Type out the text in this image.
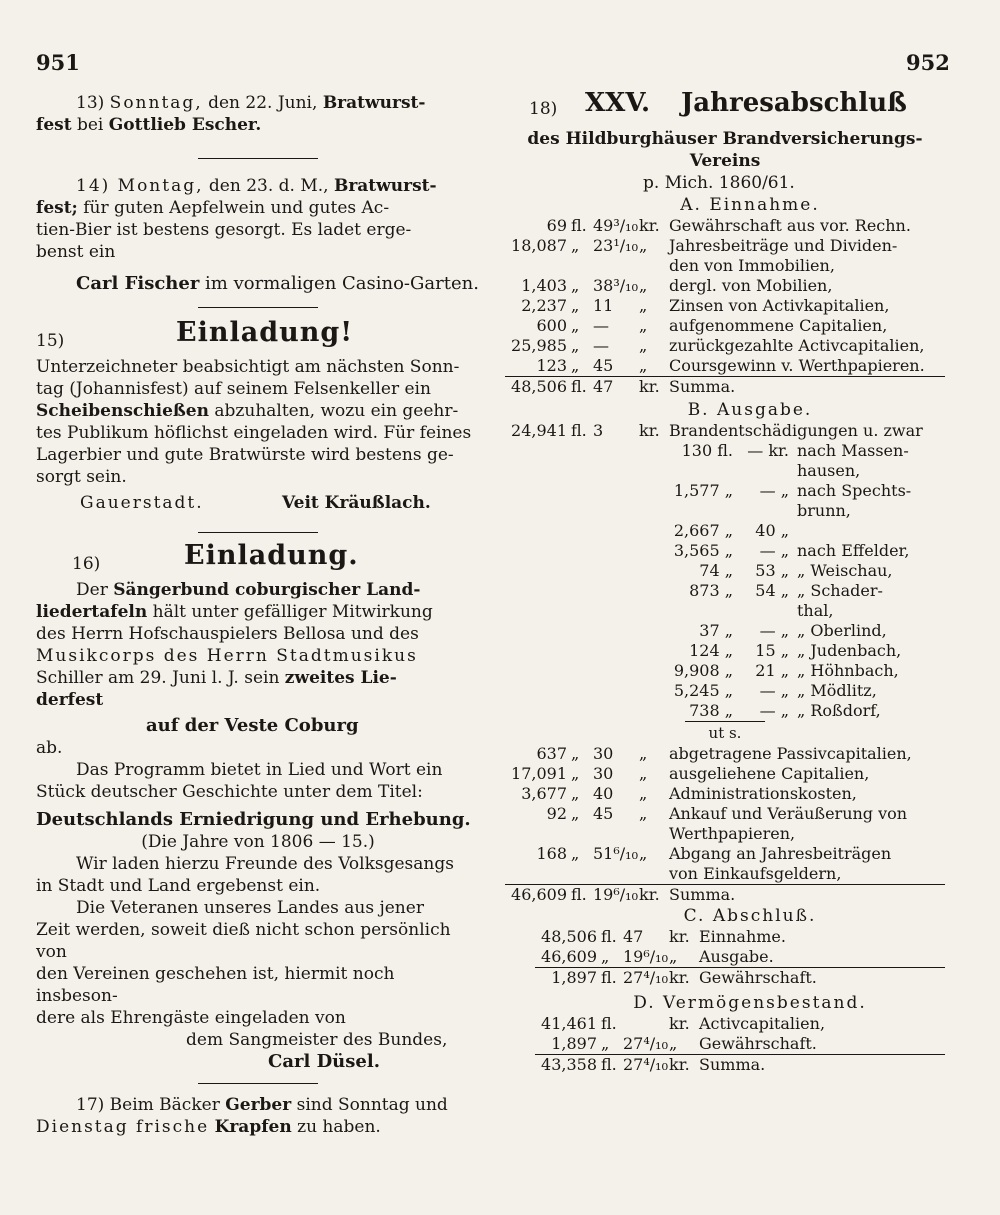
951	952

13) Sonntag, den 22. Juni, Bratwurst-

fest bei Gottlieb Escher.

14) Montag, den 23. d. M., Bratwurst-

fest; für guten Aepfelwein und gutes Ac-

tien-Bier ist bestens gesorgt. Es ladet erge-

benst ein

Carl Fischer im vormaligen Casino-Garten.

15)	Einladung!

Unterzeichneter beabsichtigt am nächsten Sonn-

tag (Johannisfest) auf seinem Felsenkeller ein

Scheibenschießen abzuhalten, wozu ein geehr-

tes Publikum höflichst eingeladen wird. Für feines

Lagerbier und gute Bratwürste wird bestens ge-

sorgt sein.

Gauerstadt.	Veit Kräußlach.

16)	Einladung.

Der Sängerbund coburgischer Land-

liedertafeln hält unter gefälliger Mitwirkung

des Herrn Hofschauspielers Bellosa und des

Musikcorps des Herrn Stadtmusikus

Schiller am 29. Juni l. J. sein zweites Lie-

derfest

auf der Veste Coburg

ab.

Das Programm bietet in Lied und Wort ein

Stück deutscher Geschichte unter dem Titel:

Deutschlands Erniedrigung und Erhebung.

(Die Jahre von 1806 — 15.)

Wir laden hierzu Freunde des Volksgesangs

in Stadt und Land ergebenst ein.

Die Veteranen unseres Landes aus jener

Zeit werden, soweit dieß nicht schon persönlich von

den Vereinen geschehen ist, hiermit noch insbeson-

dere als Ehrengäste eingeladen von

dem Sangmeister des Bundes,

Carl Düsel.

17) Beim Bäcker Gerber sind Sonntag und

Dienstag frische Krapfen zu haben.

18) XXV. Jahresabschluß

des Hildburghäuser Brandversicherungs-Vereins

p. Mich. 1860/61.

A. Einnahme.

69	fl.	49³/₁₀	kr.	Gewährschaft aus vor. Rechn.
18,087	„	23¹/₁₀	„	Jahresbeiträge und Dividen-
				den von Immobilien,
1,403	„	38³/₁₀	„	dergl. von Mobilien,
2,237	„	11	„	Zinsen von Activkapitalien,
600	„	—	„	aufgenommene Capitalien,
25,985	„	—	„	zurückgezahlte Activcapitalien,
123	„	45	„	Coursgewinn v. Werthpapieren.
48,506	fl.	47	kr.	Summa.

B. Ausgabe.

24,941	fl.	3	kr.	Brandentschädigungen u. zwar
130 fl.	— kr.	nach Massen-
		hausen,
1,577 „	— „	nach Spechts-
		brunn,
2,667 „	40 „	
3,565 „	— „	nach Effelder,
74 „	53 „	„ Weischau,
873 „	54 „	„ Schader-
		thal,
37 „	— „	„ Oberlind,
124 „	15 „	„ Judenbach,
9,908 „	21 „	„ Höhnbach,
5,245 „	— „	„ Mödlitz,
738 „	— „	„ Roßdorf,

ut s.

637	„	30	„	abgetragene Passivcapitalien,
17,091	„	30	„	ausgeliehene Capitalien,
3,677	„	40	„	Administrationskosten,
92	„	45	„	Ankauf und Veräußerung von
				Werthpapieren,
168	„	51⁶/₁₀	„	Abgang an Jahresbeiträgen
				von Einkaufsgeldern,
46,609	fl.	19⁶/₁₀	kr.	Summa.

C. Abschluß.

48,506	fl.	47	kr.	Einnahme.
46,609	„	19⁶/₁₀	„	Ausgabe.
1,897	fl.	27⁴/₁₀	kr.	Gewährschaft.

D. Vermögensbestand.

41,461	fl.		kr.	Activcapitalien,
1,897	„	27⁴/₁₀	„	Gewährschaft.
43,358	fl.	27⁴/₁₀	kr.	Summa.
